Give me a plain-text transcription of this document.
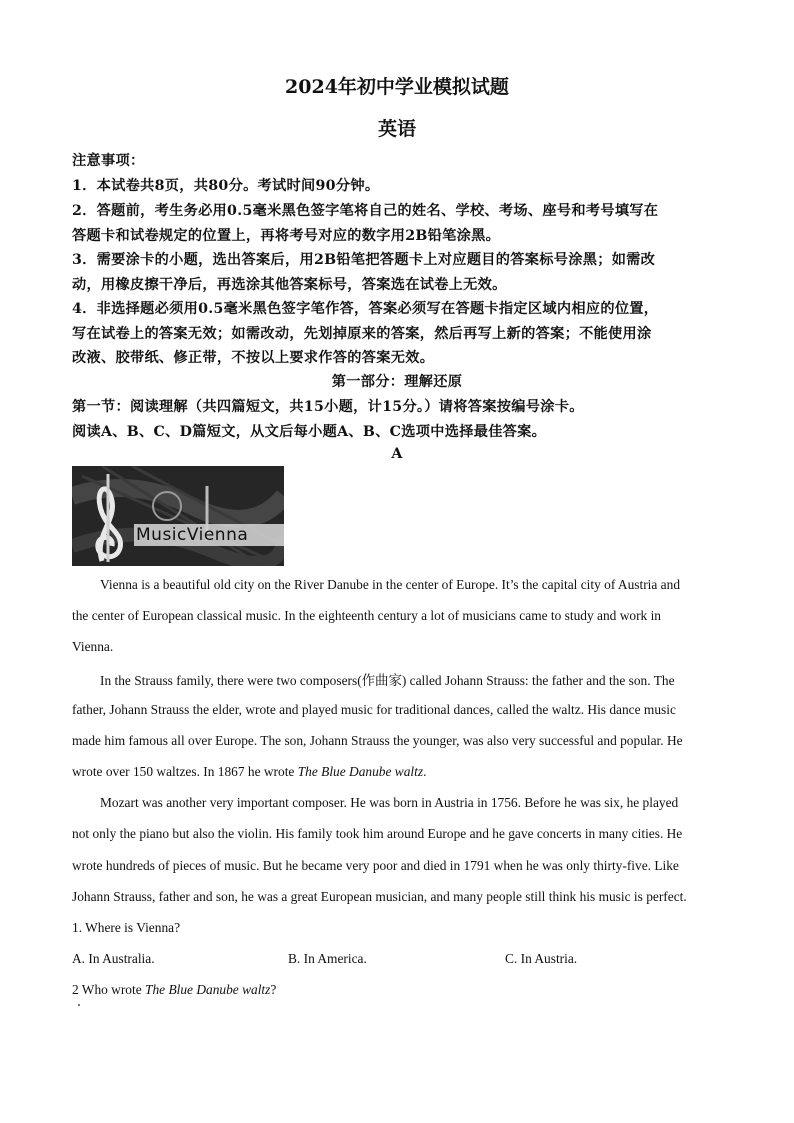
2024年初中学业模拟试题
英语
注意事项：
1．本试卷共8页，共80分。考试时间90分钟。
2．答题前，考生务必用0.5毫米黑色签字笔将自己的姓名、学校、考场、座号和考号填写在
答题卡和试卷规定的位置上，再将考号对应的数字用2B铅笔涂黑。
3．需要涂卡的小题，选出答案后，用2B铅笔把答题卡上对应题目的答案标号涂黑；如需改
动，用橡皮擦干净后，再选涂其他答案标号，答案选在试卷上无效。
4．非选择题必须用0.5毫米黑色签字笔作答，答案必须写在答题卡指定区域内相应的位置，
写在试卷上的答案无效；如需改动，先划掉原来的答案，然后再写上新的答案；不能使用涂
改液、胶带纸、修正带，不按以上要求作答的答案无效。
第一部分：理解还原
第一节：阅读理解（共四篇短文，共15小题，计15分。）请将答案按编号涂卡。
阅读A、B、C、D篇短文，从文后每小题A、B、C选项中选择最佳答案。
A
MusicVienna
Vienna is a beautiful old city on the River Danube in the center of Europe. It’s the capital city of Austria and
the center of European classical music. In the eighteenth century a lot of musicians came to study and work in
Vienna.
In the Strauss family, there were two composers(作曲家) called Johann Strauss: the father and the son. The
father, Johann Strauss the elder, wrote and played music for traditional dances, called the waltz. His dance music
made him famous all over Europe. The son, Johann Strauss the younger, was also very successful and popular. He
wrote over 150 waltzes. In 1867 he wrote The Blue Danube waltz.
Mozart was another very important composer. He was born in Austria in 1756. Before he was six, he played
not only the piano but also the violin. His family took him around Europe and he gave concerts in many cities. He
wrote hundreds of pieces of music. But he became very poor and died in 1791 when he was only thirty-five. Like
Johann Strauss, father and son, he was a great European musician, and many people still think his music is perfect.
1. Where is Vienna?
A. In Australia.	B. In America.	C. In Austria.
2 Who wrote The Blue Danube waltz?
